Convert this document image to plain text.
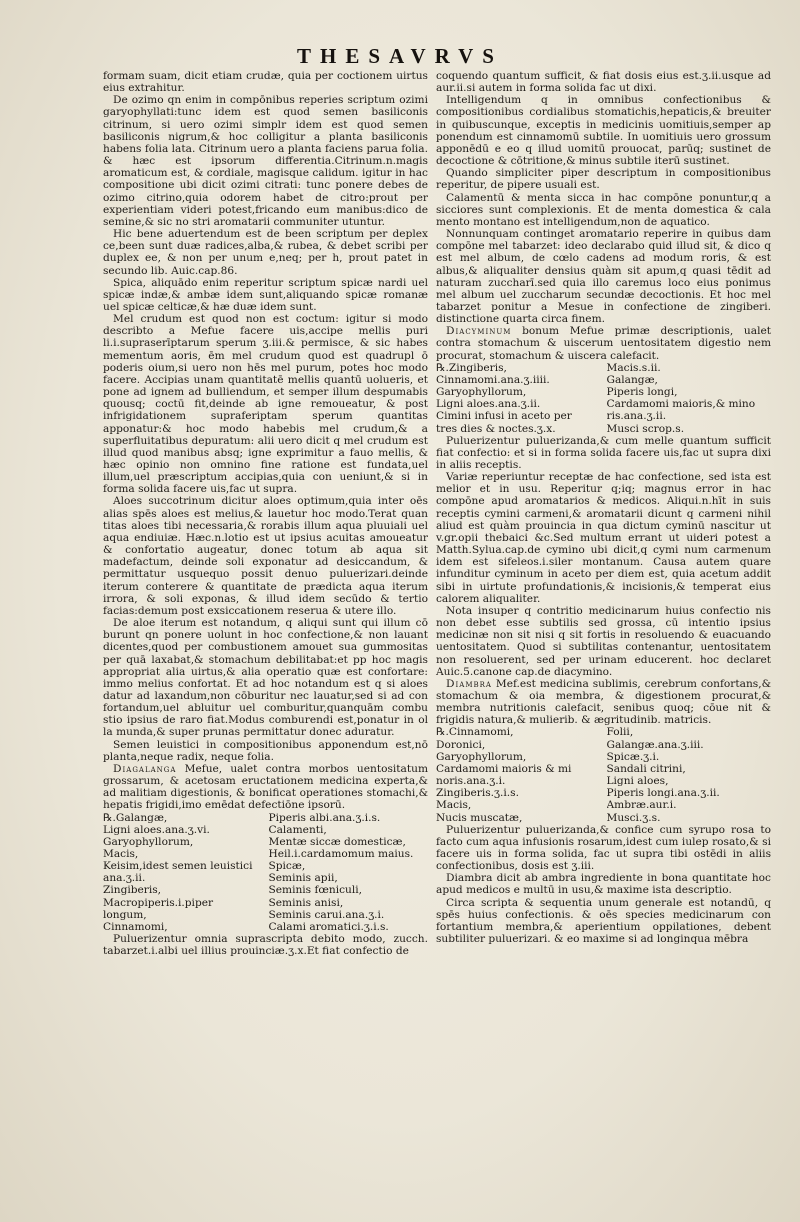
THESAVRVS

formam suam, dicit etiam crudæ, quia per coctionem uirtus eius extrahitur.

De ozimo qn enim in compōnibus reperies scriptum ozimi garyophyllati:tunc idem est quod semen basiliconis citrinum, si uero ozimi simplr idem est quod semen basiliconis nigrum,& hoc colligitur a planta basiliconis habens folia lata. Citrinum uero a planta faciens parua folia. & hæc est ipsorum differentia.Citrinum.n.magis aromaticum est, & cordiale, magisque calidum. igitur in hac compositione ubi dicit ozimi citrati: tunc ponere debes de ozimo citrino,quia odorem habet de citro:prout per experientiam videri potest,fricando eum manibus:dico de semine,& sic no stri aromatarii communiter utuntur.

Hic bene aduertendum est de been scriptum per deplex ce,been sunt duæ radices,alba,& rubea, & debet scribi per duplex ee, & non per unum e,neq; per h, prout patet in secundo lib. Auic.cap.86.

Spica, aliquādo enim reperitur scriptum spicæ nardi uel spicæ indæ,& ambæ idem sunt,aliquando spicæ romanæ uel spicæ celticæ,& hæ duæ idem sunt.

Mel crudum est quod non est coctum: igitur si modo describto a Mefue facere uis,accipe mellis puri li.i.supraserīptarum sperum ʒ.iii.& permisce, & sic habes mementum aoris, ēm mel crudum quod est quadrupl ō poderis oium,si uero non hēs mel purum, potes hoc modo facere. Accipias unam quantitatē mellis quantū uolueris, et pone ad ignem ad bulliendum, et semper illum despumabis quousq; coctū fit,deinde ab igne remoueatur, & post infrigidationem supraferiptam sperum quantitas apponatur:& hoc modo habebis mel crudum,& a superfluitatibus depuratum: alii uero dicit q mel crudum est illud quod manibus absq; igne exprimitur a fauo mellis, & hæc opinio non omnino fine ratione est fundata,uel illum,uel præscriptum accipias,quia con ueniunt,& si in forma solida facere uis,fac ut supra.

Aloes succotrinum dicitur aloes optimum,quia inter oēs alias spēs aloes est melius,& lauetur hoc modo.Terat quan titas aloes tibi necessaria,& rorabis illum aqua pluuiali uel aqua endiuiæ. Hæc.n.lotio est ut ipsius acuitas amoueatur & confortatio augeatur, donec totum ab aqua sit madefactum, deinde soli exponatur ad desiccandum, & permittatur usquequo possit denuo puluerizari.deinde iterum conterere & quantitate de prædicta aqua iterum irrora, & soli exponas, & illud idem secūdo & tertio facias:demum post exsiccationem reserua & utere illo.

De aloe iterum est notandum, q aliqui sunt qui illum cō burunt qn ponere uolunt in hoc confectione,& non lauant dicentes,quod per combustionem amouet sua gummositas per quā laxabat,& stomachum debilitabat:et pp hoc magis appropriat alia uirtus,& alia operatio quæ est confortare: immo melius confortat. Et ad hoc notandum est q si aloes datur ad laxandum,non cōburitur nec lauatur,sed si ad con fortandum,uel abluitur uel comburitur,quanquām combu stio ipsius de raro fiat.Modus comburendi est,ponatur in ol la munda,& super prunas permittatur donec aduratur.

Semen leuistici in compositionibus apponendum est,nō planta,neque radix, neque folia.

Diagalanga Mefue, ualet contra morbos uentositatum grossarum, & acetosam eructationem medicina experta,& ad malitiam digestionis, & bonificat operationes stomachi,& hepatis frigidi,imo emēdat defectiōne ipsorū.

℞.Galangæ,	Piperis albi.ana.ʒ.i.s.
Ligni aloes.ana.ʒ.vi.	Calamenti,
Garyophyllorum,	Mentæ siccæ domesticæ,
Macis,	Heil.i.cardamomum maius.
Keisim,idest semen leuistici	Spicæ,
ana.ʒ.ii.	Seminis apii,
Zingiberis,	Seminis fœniculi,
Macropiperis.i.piper	Seminis anisi,
longum,	Seminis carui.ana.ʒ.i.
Cinnamomi,	Calami aromatici.ʒ.i.s.

Puluerizentur omnia suprascripta debito modo, zucch. tabarzet.i.albi uel illius prouinciæ.ʒ.x.Et fiat confectio de

coquendo quantum sufficit, & fiat dosis eius est.ʒ.ii.usque ad aur.ii.si autem in forma solida fac ut dixi.

Intelligendum q in omnibus confectionibus & compositionibus cordialibus stomatichis,hepaticis,& breuiter in quibuscunque, exceptis in medicinis uomitiuis,semper ap ponendum est cinnamomū subtile. In uomitiuis uero grossum apponēdū e eo q illud uomitū prouocat, parūq; sustinet de decoctione & cōtritione,& minus subtile iterū sustinet.

Quando simpliciter piper descriptum in compositionibus reperitur, de pipere usuali est.

Calamentū & menta sicca in hac compōne ponuntur,q a sicciores sunt complexionis. Et de menta domestica & cala mento montano est intelligendum,non de aquatico.

Nonnunquam continget aromatario reperire in quibus dam compōne mel tabarzet: ideo declarabo quid illud sit, & dico q est mel album, de cœlo cadens ad modum roris, & est albus,& aliqualiter densius quàm sit apum,q quasi tēdit ad naturam zuccharī.sed quia illo caremus loco eius ponimus mel album uel zuccharum secundæ decoctionis. Et hoc mel tabarzet ponitur a Mesue in confectione de zingiberi. distinctione quarta circa finem.

Diacyminum bonum Mefue primæ descriptionis, ualet contra stomachum & uiscerum uentositatem digestio nem procurat, stomachum & uiscera calefacit.

℞.Zingiberis,	Macis.s.ii.
Cinnamomi.ana.ʒ.iiii.	Galangæ,
Garyophyllorum,	Piperis longi,
Ligni aloes.ana.ʒ.ii.	Cardamomi maioris,& mino
Cimini infusi in aceto per	ris.ana.ʒ.ii.
tres dies & noctes.ʒ.x.	Musci scrop.s.

Puluerizentur puluerizanda,& cum melle quantum sufficit fiat confectio: et si in forma solida facere uis,fac ut supra dixi in aliis receptis.

Variæ reperiuntur receptæ de hac confectione, sed ista est melior et in usu. Reperitur q;iq; magnus error in hac compōne apud aromatarios & medicos. Aliqui.n.hīt in suis receptis cymini carmeni,& aromatarii dicunt q carmeni nihil aliud est quàm prouincia in qua dictum cyminū nascitur ut v.gr.opii thebaici &c.Sed multum errant ut uideri potest a Matth.Sylua.cap.de cymino ubi dicit,q cymi num carmenum idem est sifeleos.i.siler montanum. Causa autem quare infunditur cyminum in aceto per diem est, quia acetum addit sibi in uirtute profundationis,& incisionis,& temperat eius calorem aliqualiter.

Nota insuper q contritio medicinarum huius confectio nis non debet esse subtilis sed grossa, cū intentio ipsius medicinæ non sit nisi q sit fortis in resoluendo & euacuando uentositatem. Quod si subtilitas contenantur, uentositatem non resoluerent, sed per urinam educerent. hoc declaret Auic.5.canone cap.de diacymino.

Diambra Mef.est medicina sublimis, cerebrum confortans,& stomachum & oia membra, & digestionem procurat,& membra nutritionis calefacit, senibus quoq; cōue nit & frigidis natura,& mulierib. & ægritudinib. matricis.

℞.Cinnamomi,	Folii,
Doronici,	Galangæ.ana.ʒ.iii.
Garyophyllorum,	Spicæ.ʒ.i.
Cardamomi maioris & mi	Sandali citrini,
noris.ana.ʒ.i.	Ligni aloes,
Zingiberis.ʒ.i.s.	Piperis longi.ana.ʒ.ii.
Macis,	Ambræ.aur.i.
Nucis muscatæ,	Musci.ʒ.s.

Puluerizentur puluerizanda,& confice cum syrupo rosa to facto cum aqua infusionis rosarum,idest cum iulep rosato,& si facere uis in forma solida, fac ut supra tibi ostēdi in aliis confectionibus, dosis est ʒ.iii.

Diambra dicit ab ambra ingrediente in bona quantitate hoc apud medicos e multū in usu,& maxime ista descriptio.

Circa scripta & sequentia unum generale est notandū, q spēs huius confectionis. & oēs species medicinarum con fortantium membra,& aperientium oppilationes, debent subtiliter puluerizari. & eo maxime si ad longinqua mēbra
